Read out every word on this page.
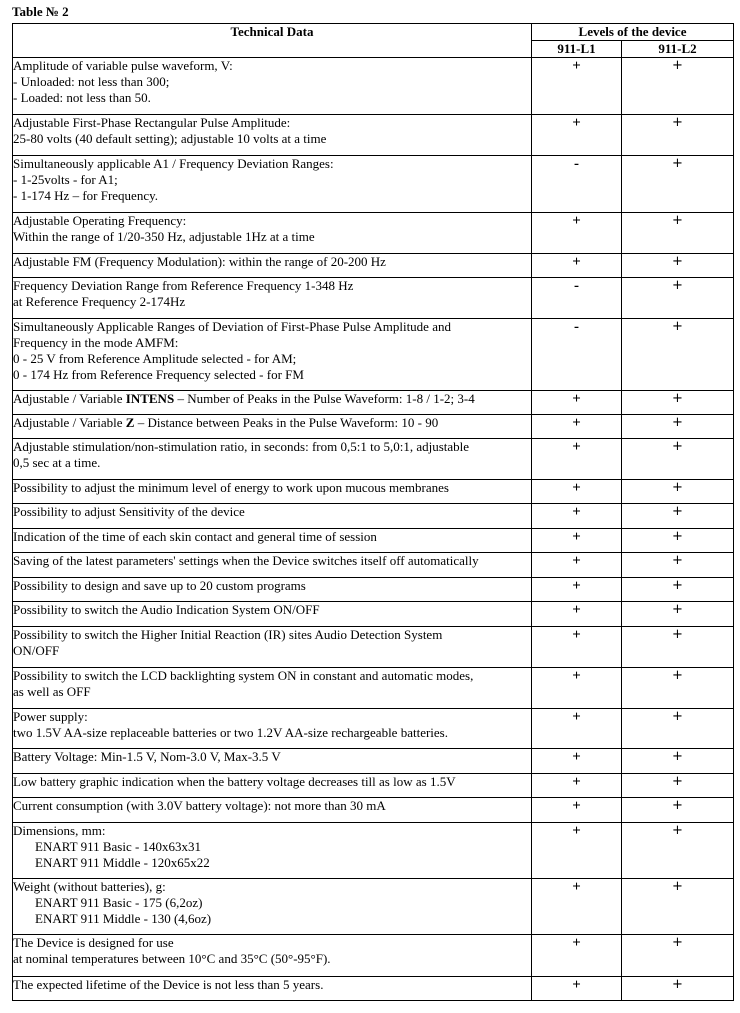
Table № 2
Technical Data	Levels of the device	
	911-L1	911-L2

Amplitude of variable pulse waveform, V:
- Unloaded: not less than 300;
- Loaded: not less than 50.	+	+

Adjustable First-Phase Rectangular Pulse Amplitude:
25-80 volts (40 default setting); adjustable 10 volts at a time	+	+

Simultaneously applicable A1 / Frequency Deviation Ranges:
- 1-25volts - for A1;
- 1-174 Hz – for Frequency.	-	+

Adjustable Operating Frequency:
Within the range of 1/20-350 Hz, adjustable 1Hz at a time	+	+

Adjustable FM (Frequency Modulation): within the range of 20-200 Hz	+	+

Frequency Deviation Range from Reference Frequency 1-348 Hz
at Reference Frequency 2-174Hz	-	+

Simultaneously Applicable Ranges of Deviation of First-Phase Pulse Amplitude and
Frequency in the mode AMFM:
0 - 25 V from Reference Amplitude selected - for AM;
0 - 174 Hz from Reference Frequency selected - for FM	-	+

Adjustable / Variable INTENS – Number of Peaks in the Pulse Waveform: 1-8 / 1-2; 3-4	+	+

Adjustable / Variable Z – Distance between Peaks in the Pulse Waveform: 10 - 90	+	+

Adjustable stimulation/non-stimulation ratio, in seconds: from 0,5:1 to 5,0:1, adjustable
0,5 sec at a time.	+	+

Possibility to adjust the minimum level of energy to work upon mucous membranes	+	+

Possibility to adjust Sensitivity of the device	+	+

Indication of the time of each skin contact and general time of session	+	+

Saving of the latest parameters' settings when the Device switches itself off automatically	+	+

Possibility to design and save up to 20 custom programs	+	+

Possibility to switch the Audio Indication System ON/OFF	+	+

Possibility to switch the Higher Initial Reaction (IR) sites Audio Detection System
ON/OFF	+	+

Possibility to switch the LCD backlighting system ON in constant and automatic modes,
as well as OFF	+	+

Power supply:
two 1.5V AA-size replaceable batteries or two 1.2V AA-size rechargeable batteries.	+	+

Battery Voltage: Min-1.5 V, Nom-3.0 V, Max-3.5 V	+	+

Low battery graphic indication when the battery voltage decreases till as low as 1.5V	+	+

Current consumption (with 3.0V battery voltage): not more than 30 mA	+	+

Dimensions, mm:
ENART 911 Basic - 140x63x31
ENART 911 Middle - 120x65x22	+	+

Weight (without batteries), g:
ENART 911 Basic - 175 (6,2oz)
ENART 911 Middle - 130 (4,6oz)	+	+

The Device is designed for use
at nominal temperatures between 10°C and 35°C (50°-95°F).	+	+

The expected lifetime of the Device is not less than 5 years.	+	+
